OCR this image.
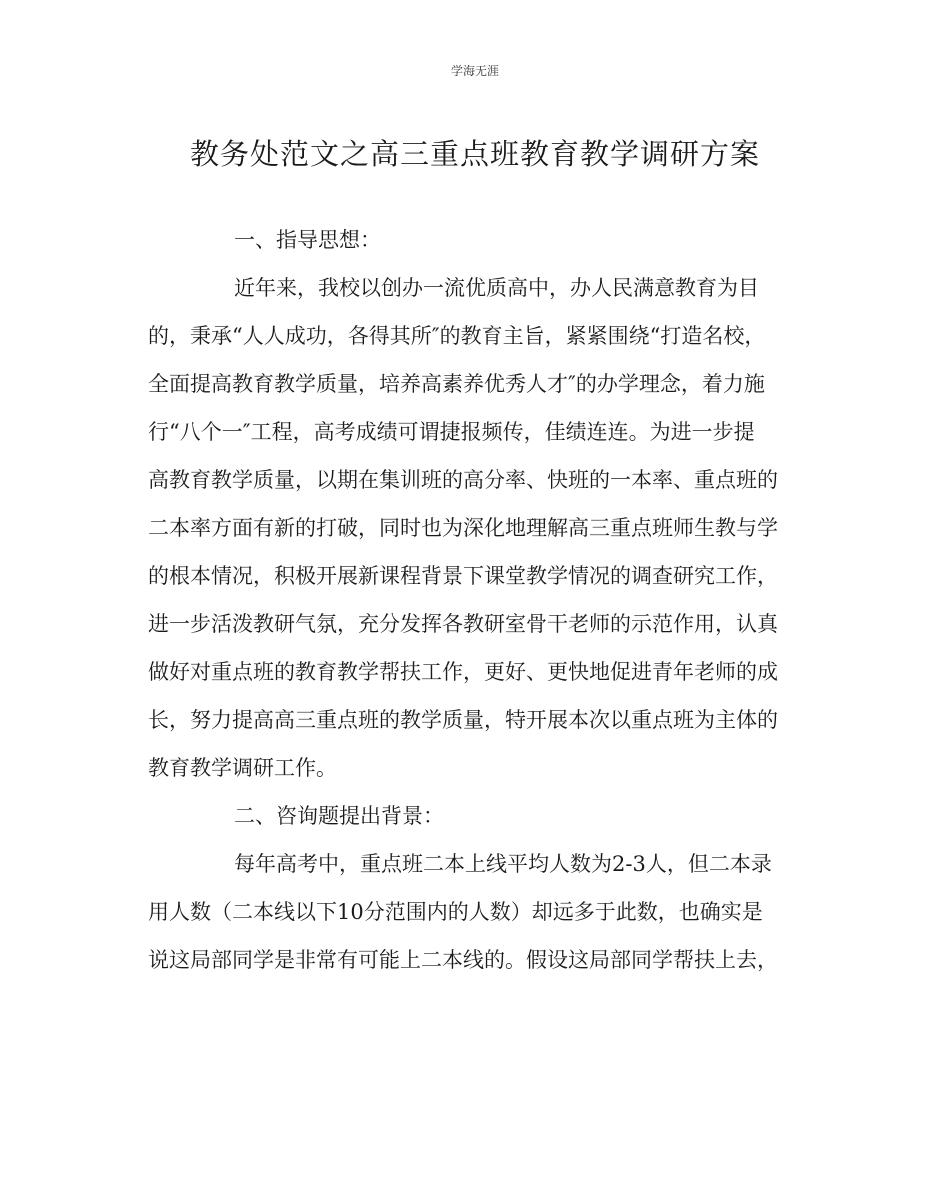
学海无涯
教务处范文之高三重点班教育教学调研方案
一、指导思想：
近年来，我校以创办一流优质高中，办人民满意教育为目
的，秉承“人人成功，各得其所″的教育主旨，紧紧围绕“打造名校，
全面提高教育教学质量，培养高素养优秀人才″的办学理念，着力施
行“八个一″工程，高考成绩可谓捷报频传，佳绩连连。为进一步提
高教育教学质量，以期在集训班的高分率、快班的一本率、重点班的
二本率方面有新的打破，同时也为深化地理解高三重点班师生教与学
的根本情况，积极开展新课程背景下课堂教学情况的调查研究工作，
进一步活泼教研气氛，充分发挥各教研室骨干老师的示范作用，认真
做好对重点班的教育教学帮扶工作，更好、更快地促进青年老师的成
长，努力提高高三重点班的教学质量，特开展本次以重点班为主体的
教育教学调研工作。
二、咨询题提出背景：
每年高考中，重点班二本上线平均人数为2-3人，但二本录
用人数（二本线以下10分范围内的人数）却远多于此数，也确实是
说这局部同学是非常有可能上二本线的。假设这局部同学帮扶上去，
